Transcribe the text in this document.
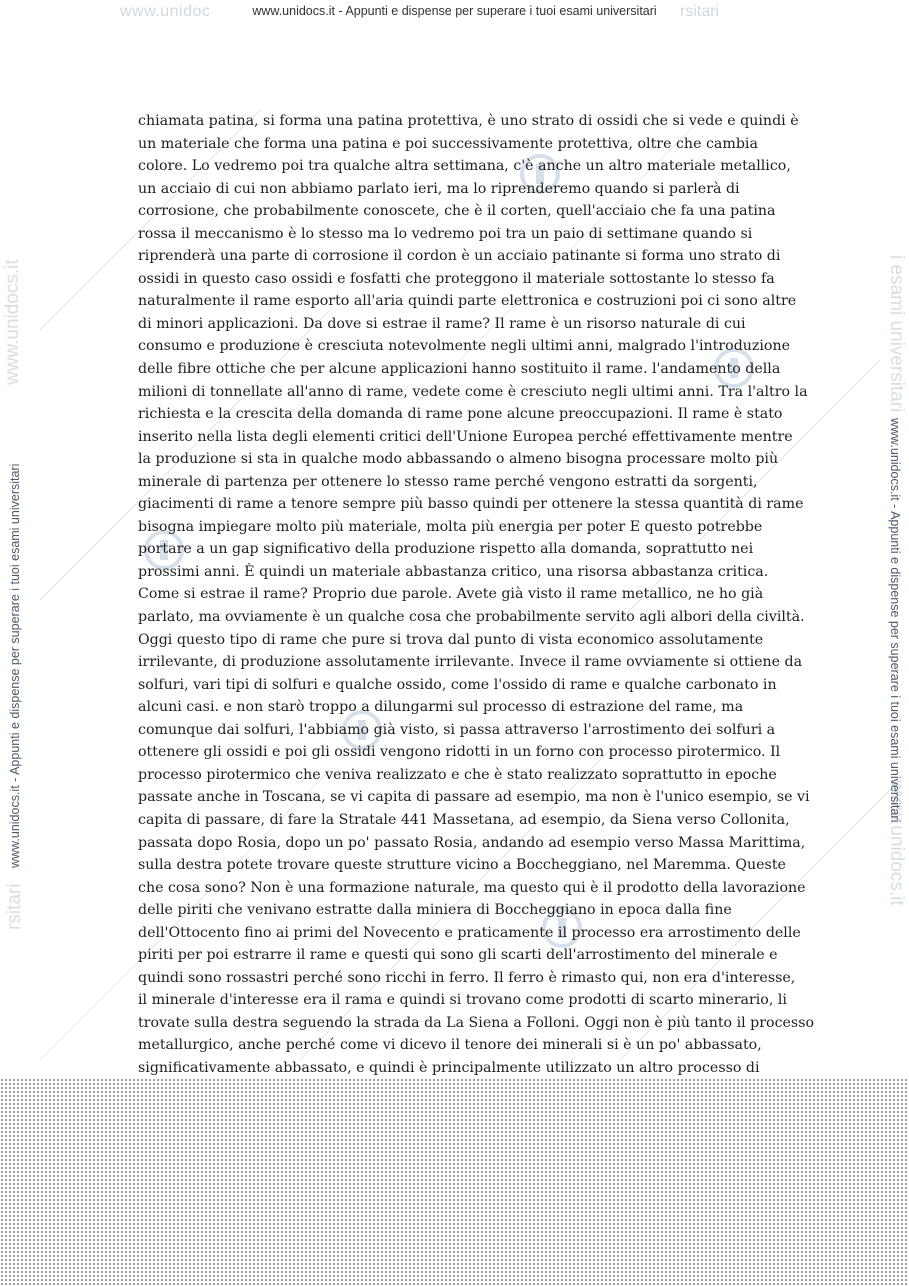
www.unidoc	rsitari
www.unidocs.it - Appunti e dispense per superare i tuoi esami universitari
www.unidocs.it
rsitari
i esami universitari
www.unidocs.it
www.unidocs.it - Appunti e dispense per superare i tuoi esami universitari	www.unidocs.it - Appunti e dispense per superare i tuoi esami universitari
chiamata patina, si forma una patina protettiva, è uno strato di ossidi che si vede e quindi è
un materiale che forma una patina e poi successivamente protettiva, oltre che cambia
colore. Lo vedremo poi tra qualche altra settimana, c'è anche un altro materiale metallico,
un acciaio di cui non abbiamo parlato ieri, ma lo riprenderemo quando si parlerà di
corrosione, che probabilmente conoscete, che è il corten, quell'acciaio che fa una patina
rossa il meccanismo è lo stesso ma lo vedremo poi tra un paio di settimane quando si
riprenderà una parte di corrosione il cordon è un acciaio patinante si forma uno strato di
ossidi in questo caso ossidi e fosfatti che proteggono il materiale sottostante lo stesso fa
naturalmente il rame esporto all'aria quindi parte elettronica e costruzioni poi ci sono altre
di minori applicazioni. Da dove si estrae il rame? Il rame è un risorso naturale di cui
consumo e produzione è cresciuta notevolmente negli ultimi anni, malgrado l'introduzione
delle fibre ottiche che per alcune applicazioni hanno sostituito il rame. l'andamento della
milioni di tonnellate all'anno di rame, vedete come è cresciuto negli ultimi anni. Tra l'altro la
richiesta e la crescita della domanda di rame pone alcune preoccupazioni. Il rame è stato
inserito nella lista degli elementi critici dell'Unione Europea perché effettivamente mentre
la produzione si sta in qualche modo abbassando o almeno bisogna processare molto più
minerale di partenza per ottenere lo stesso rame perché vengono estratti da sorgenti,
giacimenti di rame a tenore sempre più basso quindi per ottenere la stessa quantità di rame
bisogna impiegare molto più materiale, molta più energia per poter E questo potrebbe
portare a un gap significativo della produzione rispetto alla domanda, soprattutto nei
prossimi anni. È quindi un materiale abbastanza critico, una risorsa abbastanza critica.
Come si estrae il rame? Proprio due parole. Avete già visto il rame metallico, ne ho già
parlato, ma ovviamente è un qualche cosa che probabilmente servito agli albori della civiltà.
Oggi questo tipo di rame che pure si trova dal punto di vista economico assolutamente
irrilevante, di produzione assolutamente irrilevante. Invece il rame ovviamente si ottiene da
solfuri, vari tipi di solfuri e qualche ossido, come l'ossido di rame e qualche carbonato in
alcuni casi. e non starò troppo a dilungarmi sul processo di estrazione del rame, ma
comunque dai solfuri, l'abbiamo già visto, si passa attraverso l'arrostimento dei solfuri a
ottenere gli ossidi e poi gli ossidi vengono ridotti in un forno con processo pirotermico. Il
processo pirotermico che veniva realizzato e che è stato realizzato soprattutto in epoche
passate anche in Toscana, se vi capita di passare ad esempio, ma non è l'unico esempio, se vi
capita di passare, di fare la Stratale 441 Massetana, ad esempio, da Siena verso Collonita,
passata dopo Rosia, dopo un po' passato Rosia, andando ad esempio verso Massa Marittima,
sulla destra potete trovare queste strutture vicino a Boccheggiano, nel Maremma. Queste
che cosa sono? Non è una formazione naturale, ma questo qui è il prodotto della lavorazione
delle piriti che venivano estratte dalla miniera di Boccheggiano in epoca dalla fine
dell'Ottocento fino ai primi del Novecento e praticamente il processo era arrostimento delle
piriti per poi estrarre il rame e questi qui sono gli scarti dell'arrostimento del minerale e
quindi sono rossastri perché sono ricchi in ferro. Il ferro è rimasto qui, non era d'interesse,
il minerale d'interesse era il rama e quindi si trovano come prodotti di scarto minerario, li
trovate sulla destra seguendo la strada da La Siena a Folloni. Oggi non è più tanto il processo
metallurgico, anche perché come vi dicevo il tenore dei minerali si è un po' abbassato,
significativamente abbassato, e quindi è principalmente utilizzato un altro processo di
